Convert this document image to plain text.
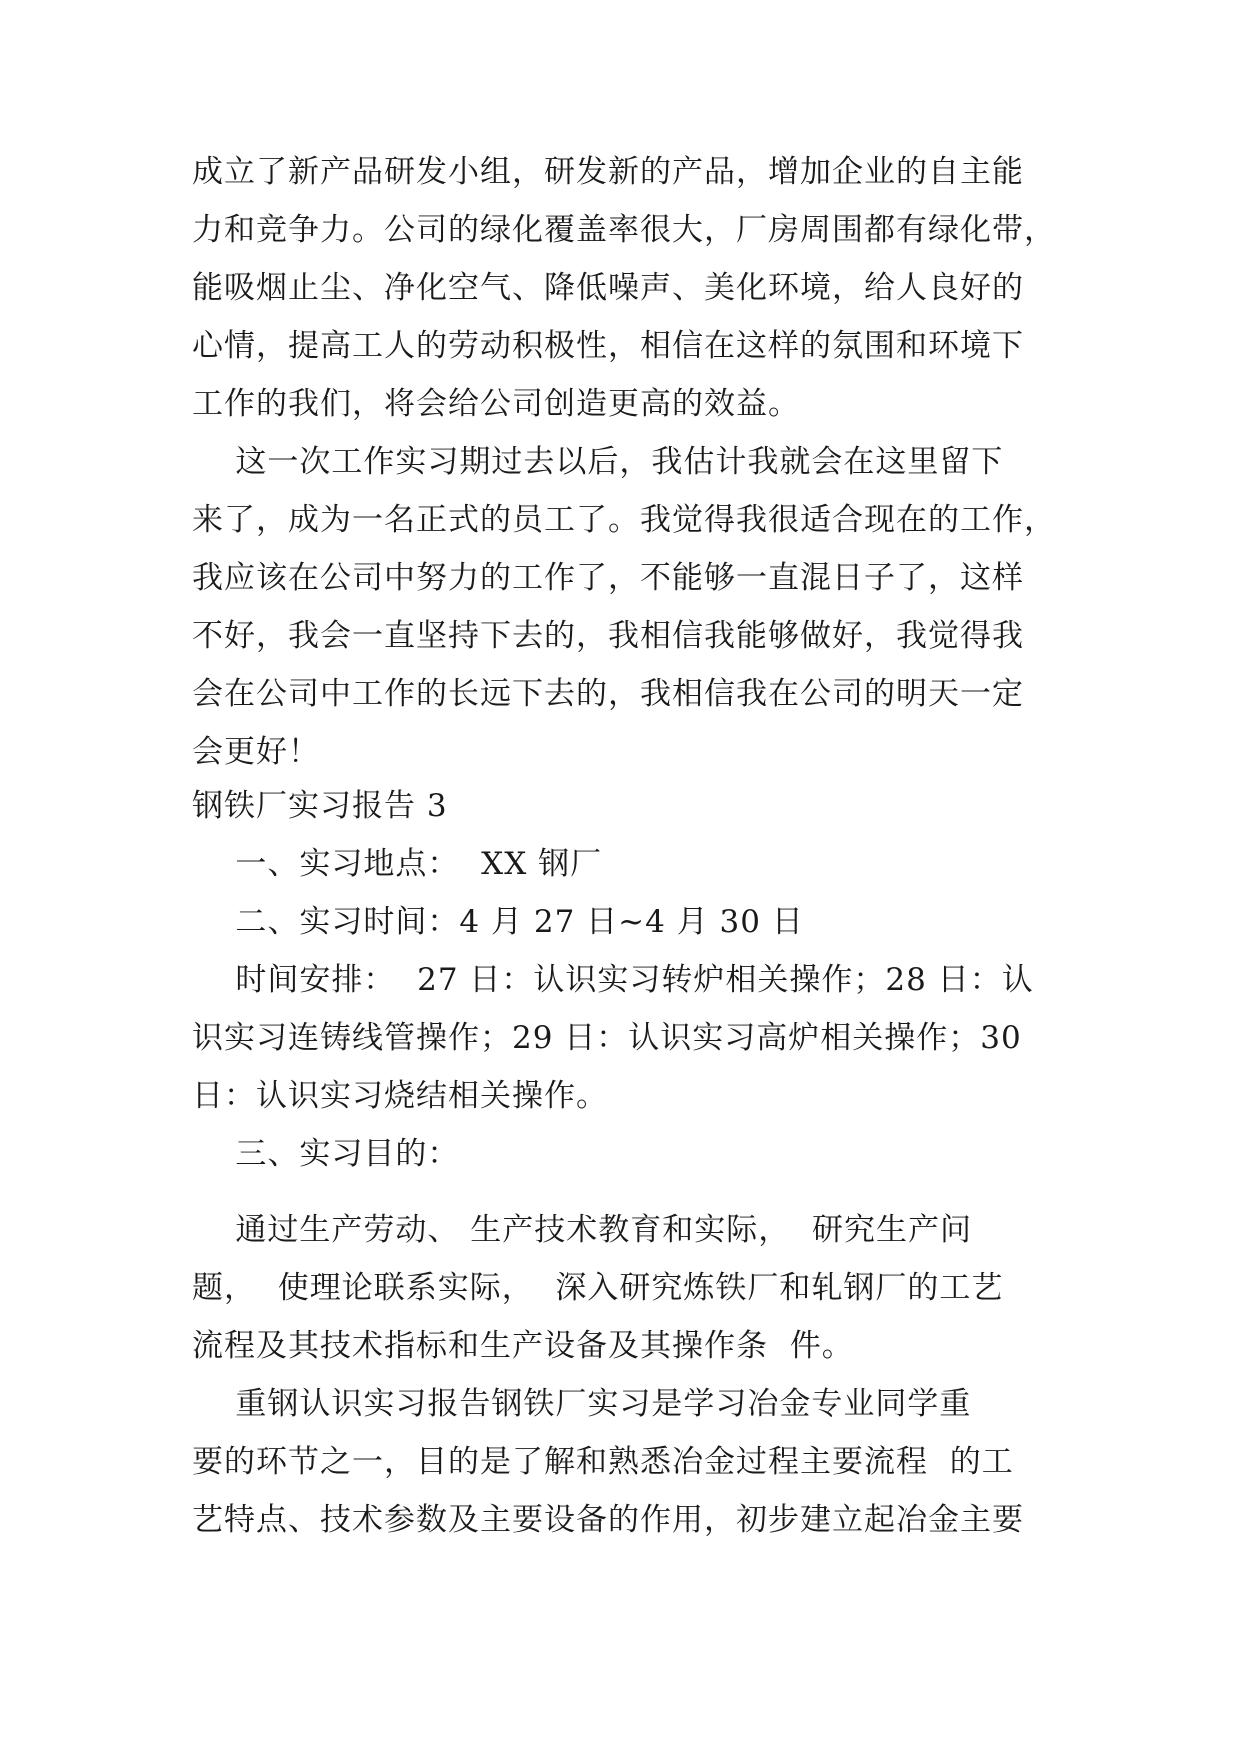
成立了新产品研发小组，研发新的产品，增加企业的自主能
力和竞争力。公司的绿化覆盖率很大，厂房周围都有绿化带，
能吸烟止尘、净化空气、降低噪声、美化环境，给人良好的
心情，提高工人的劳动积极性，相信在这样的氛围和环境下
工作的我们，将会给公司创造更高的效益。
这一次工作实习期过去以后，我估计我就会在这里留下
来了，成为一名正式的员工了。我觉得我很适合现在的工作，
我应该在公司中努力的工作了，不能够一直混日子了，这样
不好，我会一直坚持下去的，我相信我能够做好，我觉得我
会在公司中工作的长远下去的，我相信我在公司的明天一定
会更好！
钢铁厂实习报告 3
一、实习地点：  XX 钢厂
二、实习时间：4 月 27 日~4 月 30 日
时间安排：  27 日：认识实习转炉相关操作；28 日：认
识实习连铸线管操作；29 日：认识实习高炉相关操作；30
日：认识实习烧结相关操作。
三、实习目的：
通过生产劳动、 生产技术教育和实际，  研究生产问
题，  使理论联系实际，  深入研究炼铁厂和轧钢厂的工艺
流程及其技术指标和生产设备及其操作条  件。
重钢认识实习报告钢铁厂实习是学习冶金专业同学重
要的环节之一，目的是了解和熟悉冶金过程主要流程  的工
艺特点、技术参数及主要设备的作用，初步建立起冶金主要
